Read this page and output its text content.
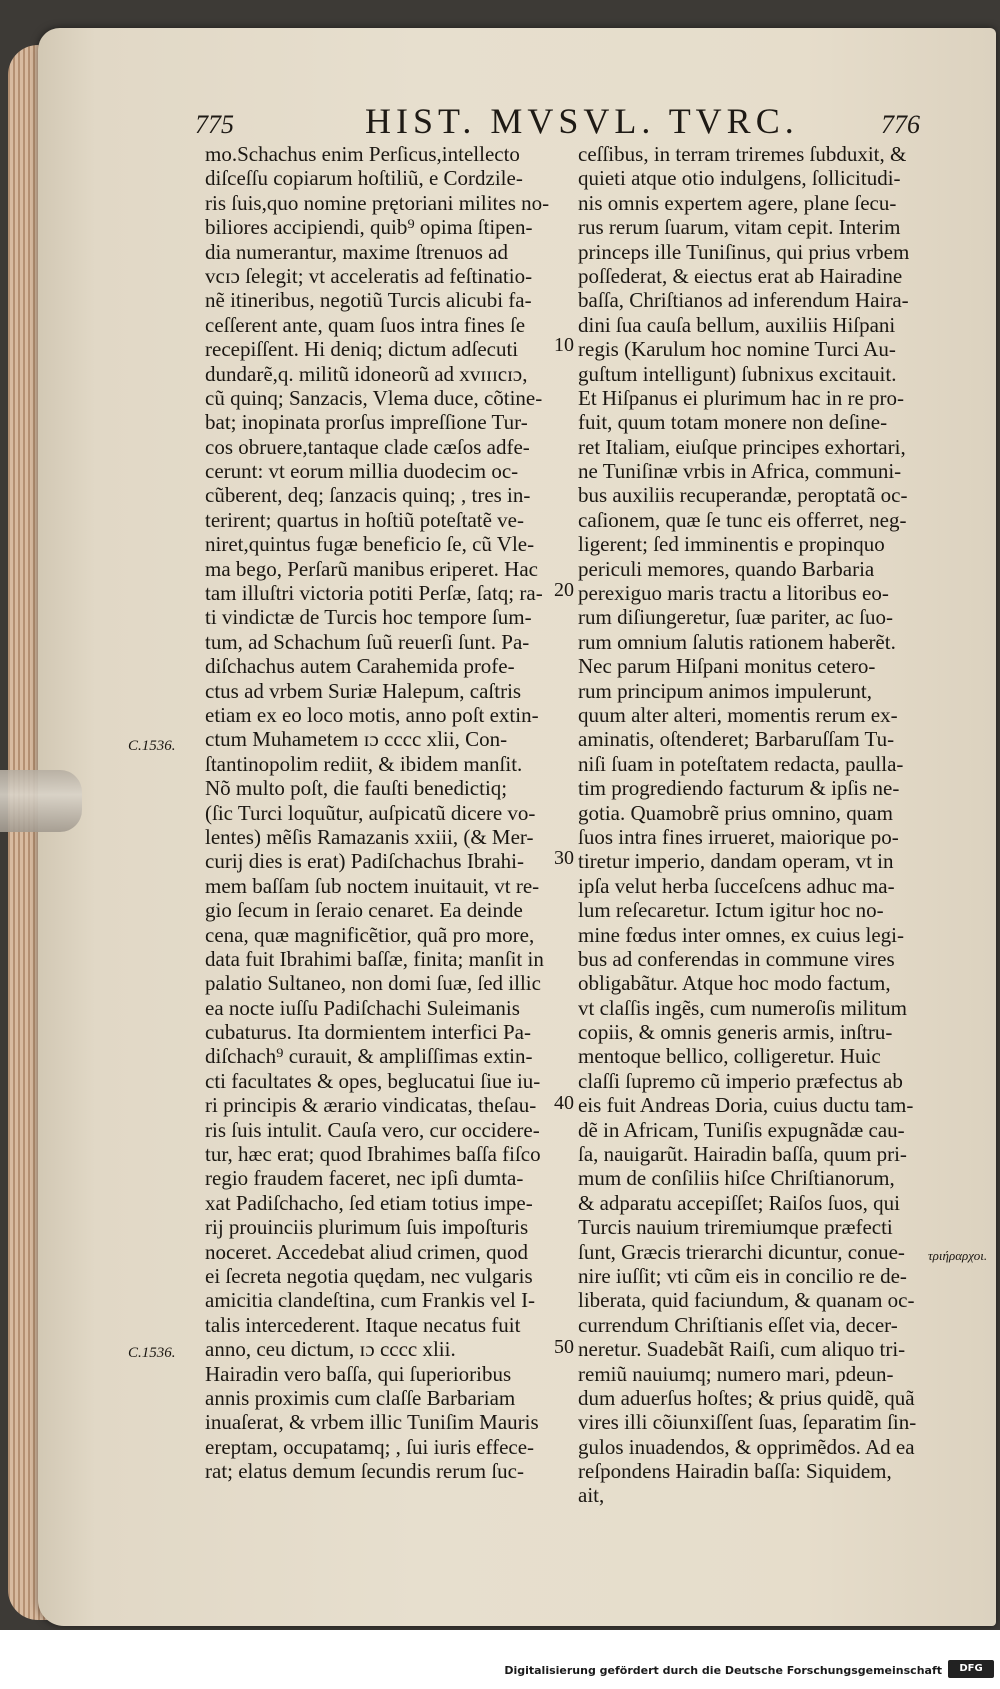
775	HIST. MVSVL. TVRC.	776
mo.Schachus enim Perſicus,intellecto
diſceſſu copiarum hoſtiliũ, e Cordzile-
ris ſuis,quo nomine prętoriani milites no-
biliores accipiendi, quib⁹ opima ſtipen-
dia numerantur, maxime ſtrenuos ad
vcɪɔ ſelegit; vt acceleratis ad feſtinatio-
nẽ itineribus, negotiũ Turcis alicubi fa-
ceſſerent ante, quam ſuos intra fines ſe
recepiſſent. Hi deniq; dictum adſecuti
dundarẽ,q. militũ idoneorũ ad xvɪɪɪcɪɔ,
cũ quinq; Sanzacis, Vlema duce, cõtine-
bat; inopinata prorſus impreſſione Tur-
cos obruere,tantaque clade cæſos adfe-
cerunt: vt eorum millia duodecim oc-
cũberent, deq; ſanzacis quinq; , tres in-
terirent; quartus in hoſtiũ poteſtatẽ ve-
niret,quintus fugæ beneficio ſe, cũ Vle-
ma bego, Perſarũ manibus eriperet. Hac
tam illuſtri victoria potiti Perſæ, ſatq; ra-
ti vindictæ de Turcis hoc tempore ſum-
tum, ad Schachum ſuũ reuerſi ſunt. Pa-
diſchachus autem Carahemida profe-
ctus ad vrbem Suriæ Halepum, caſtris
etiam ex eo loco motis, anno poſt extin-
ctum Muhametem ɪɔ cccc xlii, Con-
ſtantinopolim rediit, & ibidem manſit.
Nõ multo poſt, die fauſti benedictiq;
(ſic Turci loquũtur, auſpicatũ dicere vo-
lentes) mẽſis Ramazanis xxiii, (& Mer-
curij dies is erat) Padiſchachus Ibrahi-
mem baſſam ſub noctem inuitauit, vt re-
gio ſecum in ſeraio cenaret. Ea deinde
cena, quæ magnificẽtior, quã pro more,
data fuit Ibrahimi baſſæ, finita; manſit in
palatio Sultaneo, non domi ſuæ, ſed illic
ea nocte iuſſu Padiſchachi Suleimanis
cubaturus. Ita dormientem interfici Pa-
diſchach⁹ curauit, & ampliſſimas extin-
cti facultates & opes, beglucatui ſiue iu-
ri principis & ærario vindicatas, theſau-
ris ſuis intulit. Cauſa vero, cur occidere-
tur, hæc erat; quod Ibrahimes baſſa fiſco
regio fraudem faceret, nec ipſi dumta-
xat Padiſchacho, ſed etiam totius impe-
rij prouinciis plurimum ſuis impoſturis
noceret. Accedebat aliud crimen, quod
ei ſecreta negotia quędam, nec vulgaris
amicitia clandeſtina, cum Frankis vel I-
talis intercederent. Itaque necatus fuit
anno, ceu dictum, ɪɔ cccc xlii.
Hairadin vero baſſa, qui ſuperioribus
annis proximis cum claſſe Barbariam
inuaſerat, & vrbem illic Tuniſim Mauris
ereptam, occupatamq; , ſui iuris effece-
rat; elatus demum ſecundis rerum ſuc-
ceſſibus, in terram triremes ſubduxit, &
quieti atque otio indulgens, ſollicitudi-
nis omnis expertem agere, plane ſecu-
rus rerum ſuarum, vitam cepit. Interim
princeps ille Tuniſinus, qui prius vrbem
poſſederat, & eiectus erat ab Hairadine
baſſa, Chriſtianos ad inferendum Haira-
dini ſua cauſa bellum, auxiliis Hiſpani
regis (Karulum hoc nomine Turci Au-
guſtum intelligunt) ſubnixus excitauit.
Et Hiſpanus ei plurimum hac in re pro-
fuit, quum totam monere non deſine-
ret Italiam, eiuſque principes exhortari,
ne Tuniſinæ vrbis in Africa, communi-
bus auxiliis recuperandæ, peroptatã oc-
caſionem, quæ ſe tunc eis offerret, neg-
ligerent; ſed imminentis e propinquo
periculi memores, quando Barbaria
perexiguo maris tractu a litoribus eo-
rum diſiungeretur, ſuæ pariter, ac ſuo-
rum omnium ſalutis rationem haberẽt.
Nec parum Hiſpani monitus cetero-
rum principum animos impulerunt,
quum alter alteri, momentis rerum ex-
aminatis, oſtenderet; Barbaruſſam Tu-
niſi ſuam in poteſtatem redacta, paulla-
tim progrediendo facturum & ipſis ne-
gotia. Quamobrẽ prius omnino, quam
ſuos intra fines irrueret, maiorique po-
tiretur imperio, dandam operam, vt in
ipſa velut herba ſucceſcens adhuc ma-
lum reſecaretur. Ictum igitur hoc no-
mine fœdus inter omnes, ex cuius legi-
bus ad conferendas in commune vires
obligabãtur. Atque hoc modo factum,
vt claſſis ingẽs, cum numeroſis militum
copiis, & omnis generis armis, inſtru-
mentoque bellico, colligeretur. Huic
claſſi ſupremo cũ imperio præfectus ab
eis fuit Andreas Doria, cuius ductu tam-
dẽ in Africam, Tuniſis expugnãdæ cau-
ſa, nauigarũt. Hairadin baſſa, quum pri-
mum de conſiliis hiſce Chriſtianorum,
& adparatu accepiſſet; Raiſos ſuos, qui
Turcis nauium triremiumque præfecti
ſunt, Græcis trierarchi dicuntur, conue-
nire iuſſit; vti cũm eis in concilio re de-
liberata, quid faciundum, & quanam oc-
currendum Chriſtianis eſſet via, decer-
neretur. Suadebãt Raiſi, cum aliquo tri-
remiũ nauiumq; numero mari, pdeun-
dum aduerſus hoſtes; & prius quidẽ, quã
vires illi cõiunxiſſent ſuas, ſeparatim ſin-
gulos inuadendos, & opprimẽdos. Ad ea
reſpondens Hairadin baſſa: Siquidem,
ait,
10
20
30
40
50
C.1536.
C.1536.
τριήραρχοι.
Digitalisierung gefördert durch die Deutsche Forschungsgemeinschaft	DFG
